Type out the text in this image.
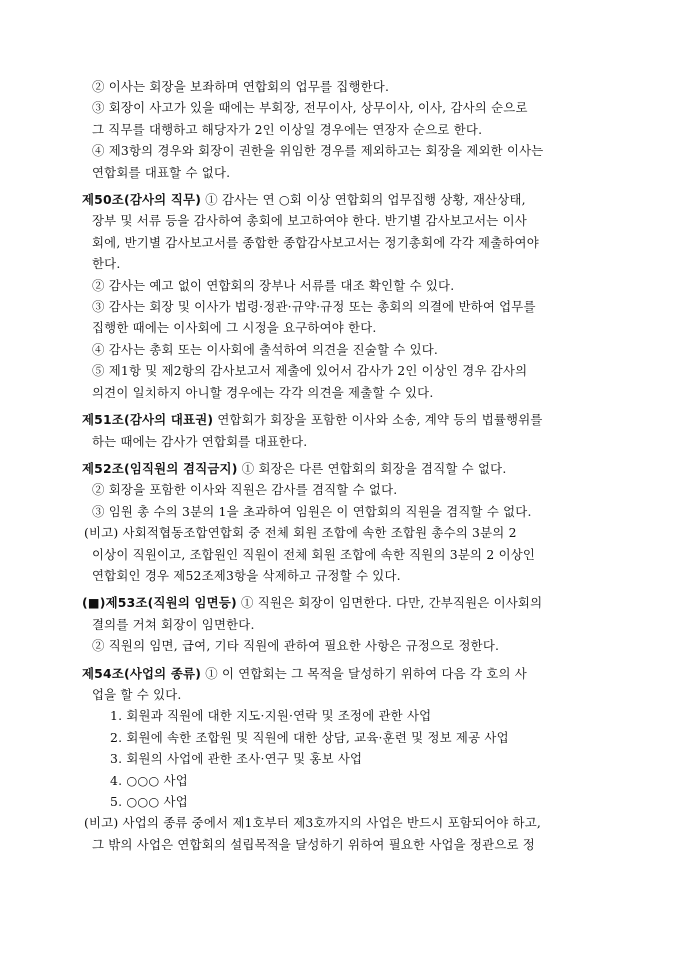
② 이사는 회장을 보좌하며 연합회의 업무를 집행한다.
③ 회장이 사고가 있을 때에는 부회장, 전무이사, 상무이사, 이사, 감사의 순으로
그 직무를 대행하고 해당자가 2인 이상일 경우에는 연장자 순으로 한다.
④ 제3항의 경우와 회장이 권한을 위임한 경우를 제외하고는 회장을 제외한 이사는
연합회를 대표할 수 없다.
제50조(감사의 직무) ① 감사는 연 ○회 이상 연합회의 업무집행 상황, 재산상태,
장부 및 서류 등을 감사하여 총회에 보고하여야 한다. 반기별 감사보고서는 이사
회에, 반기별 감사보고서를 종합한 종합감사보고서는 정기총회에 각각 제출하여야
한다.
② 감사는 예고 없이 연합회의 장부나 서류를 대조 확인할 수 있다.
③ 감사는 회장 및 이사가 법령·정관·규약·규정 또는 총회의 의결에 반하여 업무를
집행한 때에는 이사회에 그 시정을 요구하여야 한다.
④ 감사는 총회 또는 이사회에 출석하여 의견을 진술할 수 있다.
⑤ 제1항 및 제2항의 감사보고서 제출에 있어서 감사가 2인 이상인 경우 감사의
의견이 일치하지 아니할 경우에는 각각 의견을 제출할 수 있다.
제51조(감사의 대표권) 연합회가 회장을 포함한 이사와 소송, 계약 등의 법률행위를
하는 때에는 감사가 연합회를 대표한다.
제52조(임직원의 겸직금지) ① 회장은 다른 연합회의 회장을 겸직할 수 없다.
② 회장을 포함한 이사와 직원은 감사를 겸직할 수 없다.
③ 임원 총 수의 3분의 1을 초과하여 임원은 이 연합회의 직원을 겸직할 수 없다.
(비고) 사회적협동조합연합회 중 전체 회원 조합에 속한 조합원 총수의 3분의 2
이상이 직원이고, 조합원인 직원이 전체 회원 조합에 속한 직원의 3분의 2 이상인
연합회인 경우 제52조제3항을 삭제하고 규정할 수 있다.
(■)제53조(직원의 임면등) ① 직원은 회장이 임면한다. 다만, 간부직원은 이사회의
결의를 거쳐 회장이 임면한다.
② 직원의 임면, 급여, 기타 직원에 관하여 필요한 사항은 규정으로 정한다.
제54조(사업의 종류) ① 이 연합회는 그 목적을 달성하기 위하여 다음 각 호의 사
업을 할 수 있다.
1. 회원과 직원에 대한 지도·지원·연락 및 조정에 관한 사업
2. 회원에 속한 조합원 및 직원에 대한 상담, 교육·훈련 및 정보 제공 사업
3. 회원의 사업에 관한 조사·연구 및 홍보 사업
4. ○○○ 사업
5. ○○○ 사업
(비고) 사업의 종류 중에서 제1호부터 제3호까지의 사업은 반드시 포함되어야 하고,
그 밖의 사업은 연합회의 설립목적을 달성하기 위하여 필요한 사업을 정관으로 정
